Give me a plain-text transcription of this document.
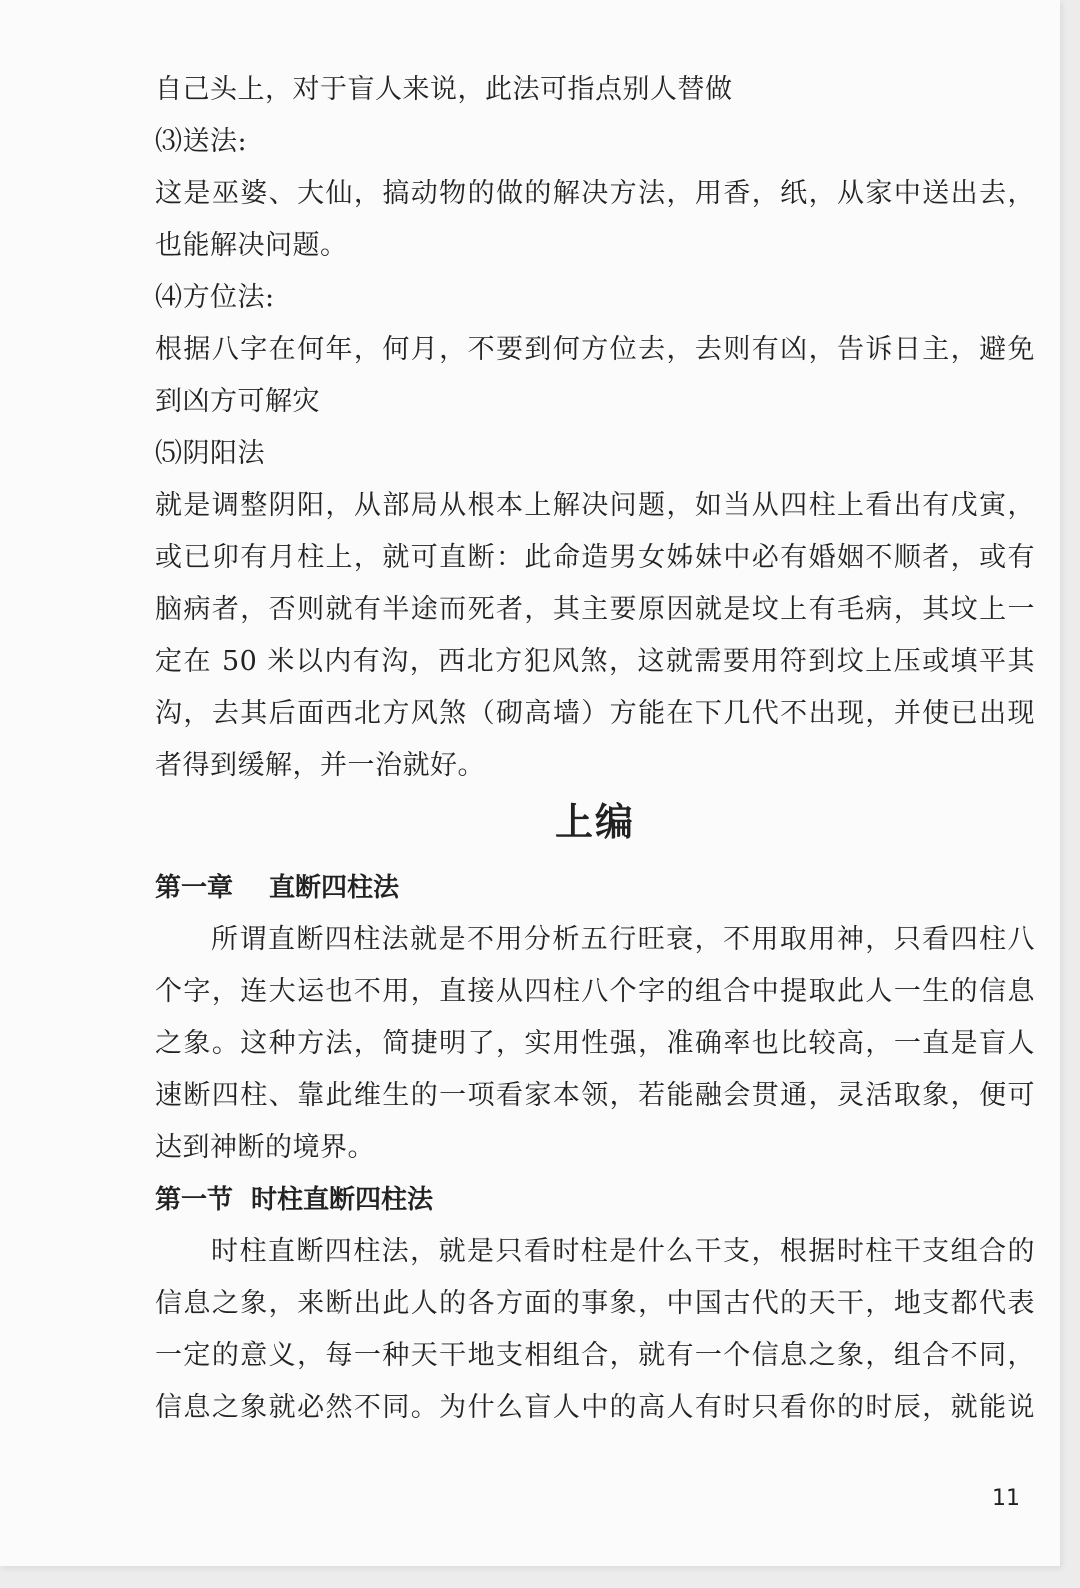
自己头上，对于盲人来说，此法可指点别人替做
⑶送法:
这是巫婆、大仙，搞动物的做的解决方法，用香，纸，从家中送出去，
也能解决问题。
⑷方位法:
根据八字在何年，何月，不要到何方位去，去则有凶，告诉日主，避免
到凶方可解灾
⑸阴阳法
就是调整阴阳，从部局从根本上解决问题，如当从四柱上看出有戊寅，
或已卯有月柱上，就可直断：此命造男女姊妹中必有婚姻不顺者，或有
脑病者，否则就有半途而死者，其主要原因就是坟上有毛病，其坟上一
定在 50 米以内有沟，西北方犯风煞，这就需要用符到坟上压或填平其
沟，去其后面西北方风煞（砌高墙）方能在下几代不出现，并使已出现
者得到缓解，并一治就好。
上编
第一章 直断四柱法
所谓直断四柱法就是不用分析五行旺衰，不用取用神，只看四柱八
个字，连大运也不用，直接从四柱八个字的组合中提取此人一生的信息
之象。这种方法，简捷明了，实用性强，准确率也比较高，一直是盲人
速断四柱、靠此维生的一项看家本领，若能融会贯通，灵活取象，便可
达到神断的境界。
第一节 时柱直断四柱法
时柱直断四柱法，就是只看时柱是什么干支，根据时柱干支组合的
信息之象，来断出此人的各方面的事象，中国古代的天干，地支都代表
一定的意义，每一种天干地支相组合，就有一个信息之象，组合不同，
信息之象就必然不同。为什么盲人中的高人有时只看你的时辰，就能说
11
